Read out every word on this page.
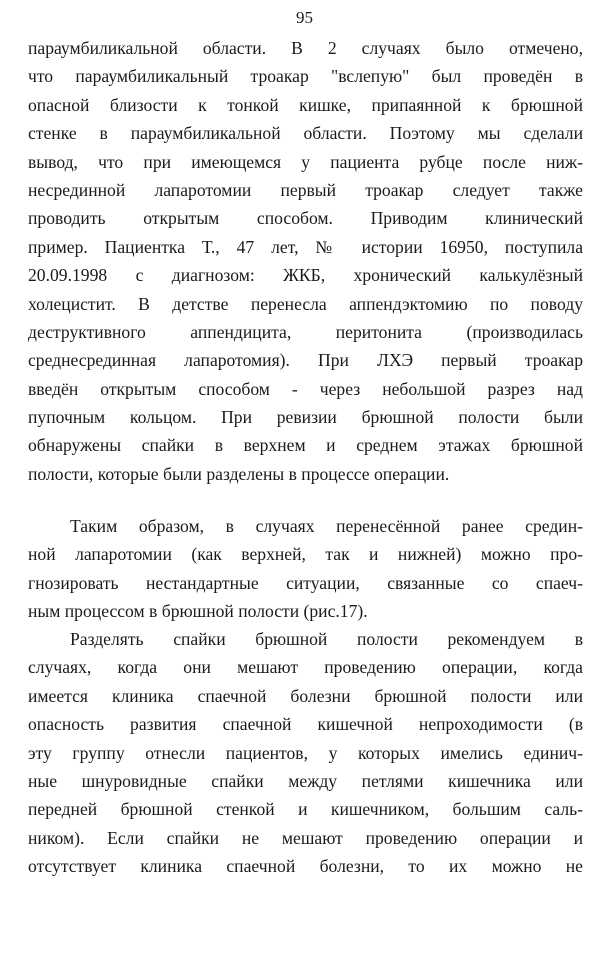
95
параумбиликальной области. В 2 случаях было отмечено,
что параумбиликальный троакар "вслепую" был проведён в
опасной близости к тонкой кишке, припаянной к брюшной
стенке в параумбиликальной области. Поэтому мы сделали
вывод, что при имеющемся у пациента рубце после ниж-
несрединной лапаротомии первый троакар следует также
проводить открытым способом. Приводим клинический
пример. Пациентка Т., 47 лет, № истории 16950, поступила
20.09.1998 с диагнозом: ЖКБ, хронический калькулёзный
холецистит. В детстве перенесла аппендэктомию по поводу
деструктивного аппендицита, перитонита (производилась
среднесрединная лапаротомия). При ЛХЭ первый троакар
введён открытым способом - через небольшой разрез над
пупочным кольцом. При ревизии брюшной полости были
обнаружены спайки в верхнем и среднем этажах брюшной
полости, которые были разделены в процессе операции.
Таким образом, в случаях перенесённой ранее средин-
ной лапаротомии (как верхней, так и нижней) можно про-
гнозировать нестандартные ситуации, связанные со спаеч-
ным процессом в брюшной полости (рис.17).
Разделять спайки брюшной полости рекомендуем в
случаях, когда они мешают проведению операции, когда
имеется клиника спаечной болезни брюшной полости или
опасность развития спаечной кишечной непроходимости (в
эту группу отнесли пациентов, у которых имелись единич-
ные шнуровидные спайки между петлями кишечника или
передней брюшной стенкой и кишечником, большим саль-
ником). Если спайки не мешают проведению операции и
отсутствует клиника спаечной болезни, то их можно не
